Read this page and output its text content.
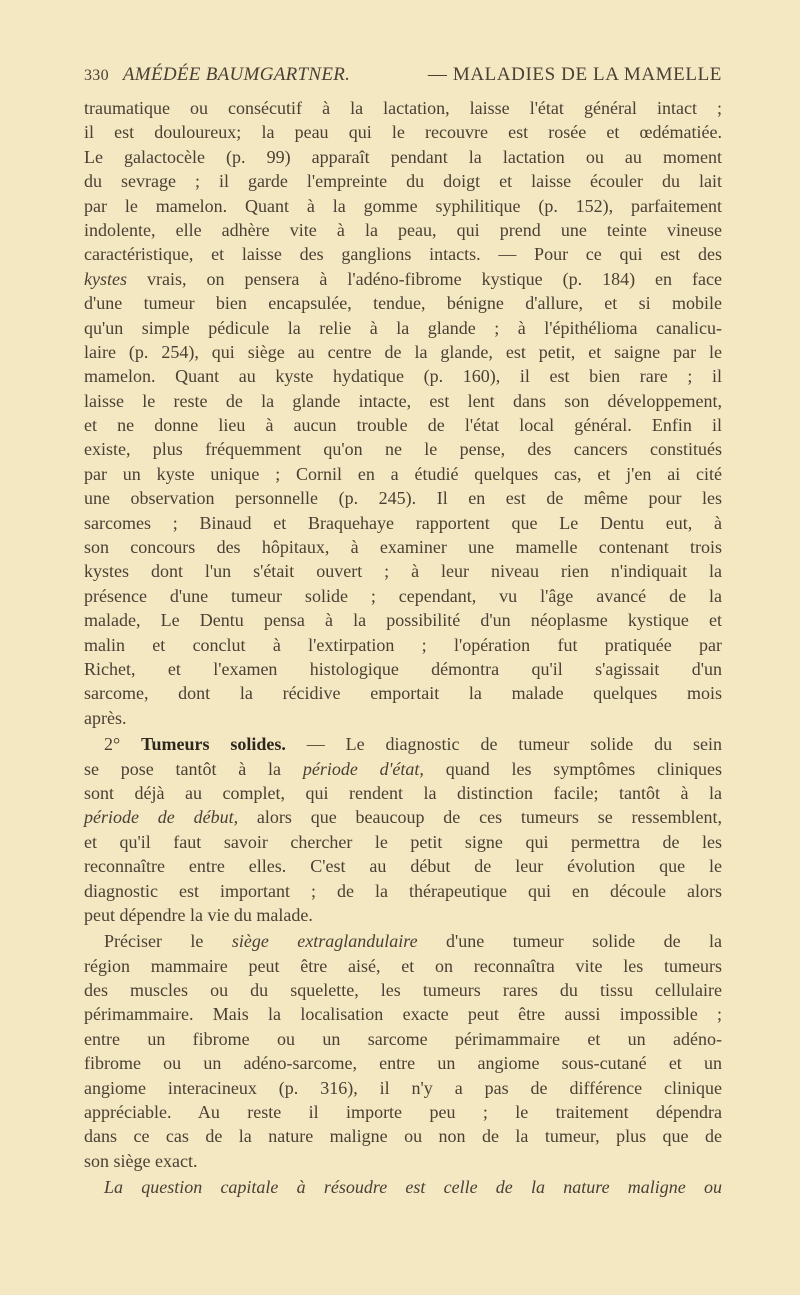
330 AMÉDÉE BAUMGARTNER.	— MALADIES DE LA MAMELLE
traumatique ou consécutif à la lactation, laisse l'état général intact ;
il est douloureux; la peau qui le recouvre est rosée et œdématiée.
Le galactocèle (p. 99) apparaît pendant la lactation ou au moment
du sevrage ; il garde l'empreinte du doigt et laisse écouler du lait
par le mamelon. Quant à la gomme syphilitique (p. 152), parfaitement
indolente, elle adhère vite à la peau, qui prend une teinte vineuse
caractéristique, et laisse des ganglions intacts. — Pour ce qui est des
kystes vrais, on pensera à l'adéno-fibrome kystique (p. 184) en face
d'une tumeur bien encapsulée, tendue, bénigne d'allure, et si mobile
qu'un simple pédicule la relie à la glande ; à l'épithélioma canalicu-
laire (p. 254), qui siège au centre de la glande, est petit, et saigne par le
mamelon. Quant au kyste hydatique (p. 160), il est bien rare ; il
laisse le reste de la glande intacte, est lent dans son développement,
et ne donne lieu à aucun trouble de l'état local général. Enfin il
existe, plus fréquemment qu'on ne le pense, des cancers constitués
par un kyste unique ; Cornil en a étudié quelques cas, et j'en ai cité
une observation personnelle (p. 245). Il en est de même pour les
sarcomes ; Binaud et Braquehaye rapportent que Le Dentu eut, à
son concours des hôpitaux, à examiner une mamelle contenant trois
kystes dont l'un s'était ouvert ; à leur niveau rien n'indiquait la
présence d'une tumeur solide ; cependant, vu l'âge avancé de la
malade, Le Dentu pensa à la possibilité d'un néoplasme kystique et
malin et conclut à l'extirpation ; l'opération fut pratiquée par
Richet, et l'examen histologique démontra qu'il s'agissait d'un
sarcome, dont la récidive emportait la malade quelques mois
après.
2° Tumeurs solides. — Le diagnostic de tumeur solide du sein
se pose tantôt à la période d'état, quand les symptômes cliniques
sont déjà au complet, qui rendent la distinction facile; tantôt à la
période de début, alors que beaucoup de ces tumeurs se ressemblent,
et qu'il faut savoir chercher le petit signe qui permettra de les
reconnaître entre elles. C'est au début de leur évolution que le
diagnostic est important ; de la thérapeutique qui en découle alors
peut dépendre la vie du malade.
Préciser le siège extraglandulaire d'une tumeur solide de la
région mammaire peut être aisé, et on reconnaîtra vite les tumeurs
des muscles ou du squelette, les tumeurs rares du tissu cellulaire
périmammaire. Mais la localisation exacte peut être aussi impossible ;
entre un fibrome ou un sarcome périmammaire et un adéno-
fibrome ou un adéno-sarcome, entre un angiome sous-cutané et un
angiome interacineux (p. 316), il n'y a pas de différence clinique
appréciable. Au reste il importe peu ; le traitement dépendra
dans ce cas de la nature maligne ou non de la tumeur, plus que de
son siège exact.
La question capitale à résoudre est celle de la nature maligne ou
